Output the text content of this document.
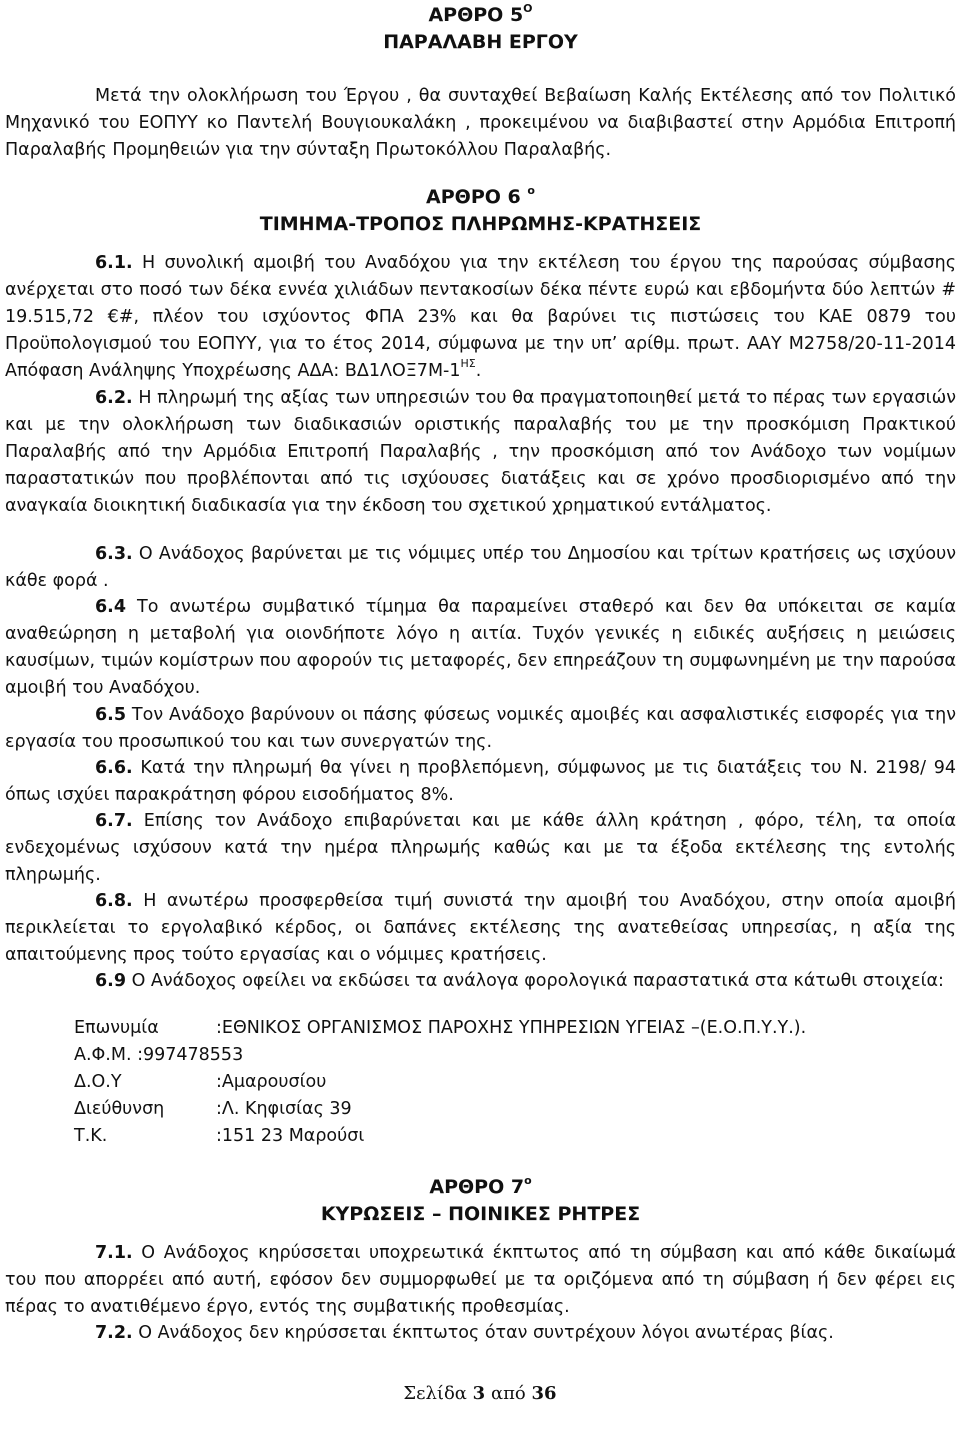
ΑΡΘΡΟ $5^O$
ΠΑΡΑΛΑΒΗ ΕΡΓΟΥ
Μετά την ολοκλήρωση του Έργου , θα συνταχθεί Βεβαίωση Καλής Εκτέλεσης από τον Πολιτικό Μηχανικό του ΕΟΠΥΥ κο Παντελή Βουγιουκαλάκη , προκειμένου να διαβιβαστεί στην Αρμόδια Επιτροπή Παραλαβής Προμηθειών για την σύνταξη Πρωτοκόλλου Παραλαβής.
ΑΡΘΡΟ 6 $^o$
ΤΙΜΗΜΑ-ΤΡΟΠΟΣ ΠΛΗΡΩΜΗΣ-ΚΡΑΤΗΣΕΙΣ
6.1. Η συνολική αμοιβή του Αναδόχου για την εκτέλεση του έργου της παρούσας σύμβασης ανέρχεται στο ποσό των δέκα εννέα χιλιάδων πεντακοσίων δέκα πέντε ευρώ και εβδομήντα δύο λεπτών # 19.515,72 €#, πλέον του ισχύοντος ΦΠΑ 23% και θα βαρύνει τις πιστώσεις του ΚΑΕ 0879 του Προϋπολογισμού του ΕΟΠΥΥ, για το έτος 2014, σύμφωνα με την υπ’ αρίθμ. πρωτ. ΑΑΥ Μ2758/20-11-2014 Απόφαση Ανάληψης Υποχρέωσης ΑΔΑ: $B\Delta 1\Lambda O\Xi 7M-1^{H\Sigma}$.
6.2. Η πληρωμή της αξίας των υπηρεσιών του θα πραγματοποιηθεί μετά το πέρας των εργασιών και με την ολοκλήρωση των διαδικασιών οριστικής παραλαβής του με την προσκόμιση Πρακτικού Παραλαβής από την Αρμόδια Επιτροπή Παραλαβής , την προσκόμιση από τον Ανάδοχο των νομίμων παραστατικών που προβλέπονται από τις ισχύουσες διατάξεις και σε χρόνο προσδιορισμένο από την αναγκαία διοικητική διαδικασία για την έκδοση του σχετικού χρηματικού εντάλματος.
6.3. Ο Ανάδοχος βαρύνεται με τις νόμιμες υπέρ του Δημοσίου και τρίτων κρατήσεις ως ισχύουν κάθε φορά .
6.4 Το ανωτέρω συμβατικό τίμημα θα παραμείνει σταθερό και δεν θα υπόκειται σε καμία αναθεώρηση η μεταβολή για οιονδήποτε λόγο η αιτία. Τυχόν γενικές η ειδικές αυξήσεις η μειώσεις καυσίμων, τιμών κομίστρων που αφορούν τις μεταφορές, δεν επηρεάζουν τη συμφωνημένη με την παρούσα αμοιβή του Αναδόχου.
6.5 Τον Ανάδοχο βαρύνουν οι πάσης φύσεως νομικές αμοιβές και ασφαλιστικές εισφορές για την εργασία του προσωπικού του και των συνεργατών της.
6.6. Κατά την πληρωμή θα γίνει η προβλεπόμενη, σύμφωνος με τις διατάξεις του Ν. 2198/ 94 όπως ισχύει παρακράτηση φόρου εισοδήματος 8%.
6.7. Επίσης τον Ανάδοχο επιβαρύνεται και με κάθε άλλη κράτηση , φόρο, τέλη, τα οποία ενδεχομένως ισχύσουν κατά την ημέρα πληρωμής καθώς και με τα έξοδα εκτέλεσης της εντολής πληρωμής.
6.8. Η ανωτέρω προσφερθείσα τιμή συνιστά την αμοιβή του Αναδόχου, στην οποία αμοιβή περικλείεται το εργολαβικό κέρδος, οι δαπάνες εκτέλεσης της ανατεθείσας υπηρεσίας, η αξία της απαιτούμενης προς τούτο εργασίας και ο νόμιμες κρατήσεις.
6.9 Ο Ανάδοχος οφείλει να εκδώσει τα ανάλογα φορολογικά παραστατικά στα κάτωθι στοιχεία:
Επωνυμία	:ΕΘΝΙΚΟΣ ΟΡΓΑΝΙΣΜΟΣ ΠΑΡΟΧΗΣ ΥΠΗΡΕΣΙΩΝ ΥΓΕΙΑΣ –(Ε.Ο.Π.Υ.Υ.).
Α.Φ.Μ. :997478553
Δ.Ο.Υ	:Αμαρουσίου
Διεύθυνση	:Λ. Κηφισίας 39
Τ.Κ.	:151 23 Μαρούσι
ΑΡΘΡΟ $7^o$
ΚΥΡΩΣΕΙΣ – ΠΟΙΝΙΚΕΣ ΡΗΤΡΕΣ
7.1. Ο Ανάδοχος κηρύσσεται υποχρεωτικά έκπτωτος από τη σύμβαση και από κάθε δικαίωμά του που απορρέει από αυτή, εφόσον δεν συμμορφωθεί με τα οριζόμενα από τη σύμβαση ή δεν φέρει εις πέρας το ανατιθέμενο έργο, εντός της συμβατικής προθεσμίας.
7.2. Ο Ανάδοχος δεν κηρύσσεται έκπτωτος όταν συντρέχουν λόγοι ανωτέρας βίας.
Σελίδα 3 από 36
